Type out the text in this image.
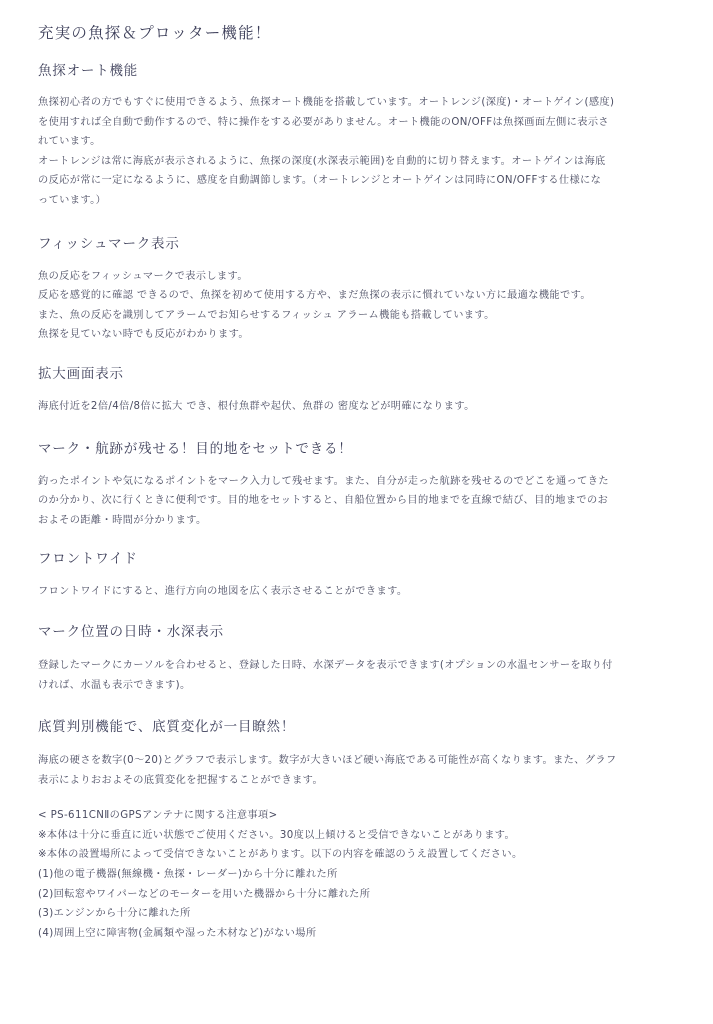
充実の魚探＆プロッター機能！
魚探オート機能

魚探初心者の方でもすぐに使用できるよう、魚探オート機能を搭載しています。オートレンジ(深度)・オートゲイン(感度)

を使用すれば全自動で動作するので、特に操作をする必要がありません。オート機能のON/OFFは魚探画面左側に表示さ

れています。

オートレンジは常に海底が表示されるように、魚探の深度(水深表示範囲)を自動的に切り替えます。オートゲインは海底

の反応が常に一定になるように、感度を自動調節します。（オートレンジとオートゲインは同時にON/OFFする仕様にな

っています。）

フィッシュマーク表示

魚の反応をフィッシュマークで表示します。

反応を感覚的に確認 できるので、魚探を初めて使用する方や、まだ魚探の表示に慣れていない方に最適な機能です。

また、魚の反応を識別してアラームでお知らせするフィッシュ アラーム機能も搭載しています。

魚探を見ていない時でも反応がわかります。

拡大画面表示

海底付近を2倍/4倍/8倍に拡大 でき、根付魚群や起伏、魚群の 密度などが明確になります。

マーク・航跡が残せる！目的地をセットできる！

釣ったポイントや気になるポイントをマーク入力して残せます。また、自分が走った航跡を残せるのでどこを通ってきた

のか分かり、次に行くときに便利です。目的地をセットすると、自船位置から目的地までを直線で結び、目的地までのお

およその距離・時間が分かります。

フロントワイド

フロントワイドにすると、進行方向の地図を広く表示させることができます。

マーク位置の日時・水深表示

登録したマークにカーソルを合わせると、登録した日時、水深データを表示できます(オプションの水温センサーを取り付

ければ、水温も表示できます)。

底質判別機能で、底質変化が一目瞭然！

海底の硬さを数字(0〜20)とグラフで表示します。数字が大きいほど硬い海底である可能性が高くなります。また、グラフ

表示によりおおよその底質変化を把握することができます。

< PS-611CNⅡのGPSアンテナに関する注意事項>

※本体は十分に垂直に近い状態でご使用ください。30度以上傾けると受信できないことがあります。

※本体の設置場所によって受信できないことがあります。以下の内容を確認のうえ設置してください。

(1)他の電子機器(無線機・魚探・レーダー)から十分に離れた所

(2)回転窓やワイパーなどのモーターを用いた機器から十分に離れた所

(3)エンジンから十分に離れた所

(4)周囲上空に障害物(金属類や湿った木材など)がない場所
